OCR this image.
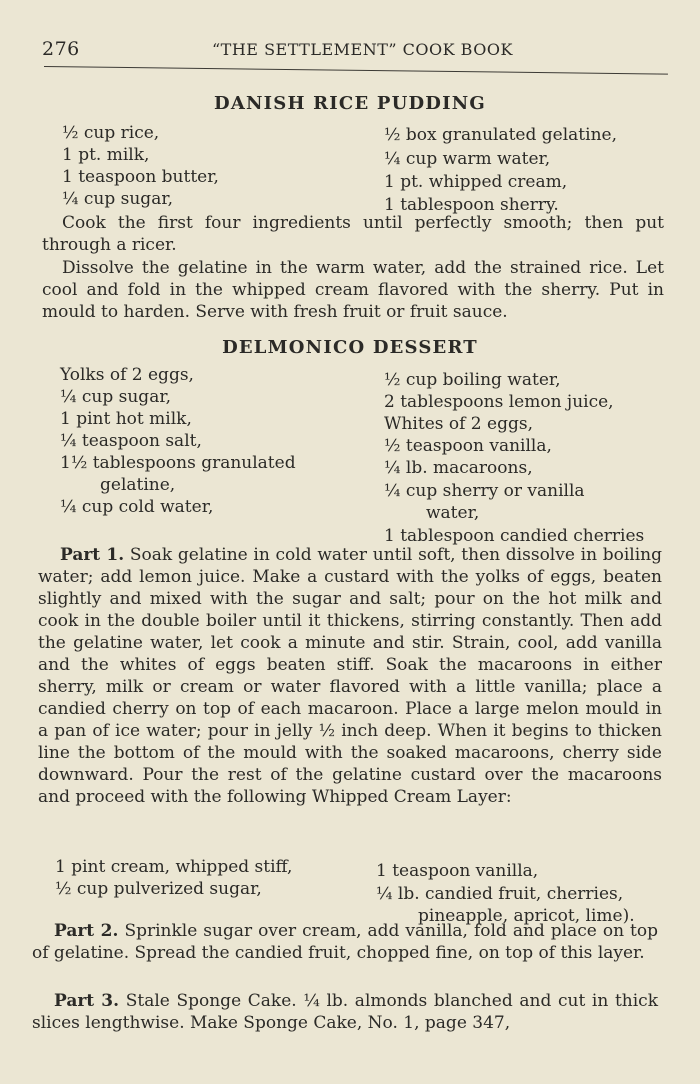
276	“THE SETTLEMENT” COOK BOOK
DANISH RICE PUDDING
½ cup rice,
1 pt. milk,
1 teaspoon butter,
¼ cup sugar,
½ box granulated gelatine,
¼ cup warm water,
1 pt. whipped cream,
1 tablespoon sherry.
Cook the first four ingredients until perfectly smooth; then put through a ricer.
Dissolve the gelatine in the warm water, add the strained rice. Let cool and fold in the whipped cream flavored with the sherry. Put in mould to harden. Serve with fresh fruit or fruit sauce.
DELMONICO DESSERT
Yolks of 2 eggs,
¼ cup sugar,
1 pint hot milk,
¼ teaspoon salt,
1½ tablespoons granulated
gelatine,
¼ cup cold water,
½ cup boiling water,
2 tablespoons lemon juice,
Whites of 2 eggs,
½ teaspoon vanilla,
¼ lb. macaroons,
¼ cup sherry or vanilla
water,
1 tablespoon candied cherries
Part 1. Soak gelatine in cold water until soft, then dissolve in boiling water; add lemon juice. Make a custard with the yolks of eggs, beaten slightly and mixed with the sugar and salt; pour on the hot milk and cook in the double boiler until it thickens, stirring constantly. Then add the gelatine water, let cook a minute and stir. Strain, cool, add vanilla and the whites of eggs beaten stiff. Soak the macaroons in either sherry, milk or cream or water flavored with a little vanilla; place a candied cherry on top of each macaroon. Place a large melon mould in a pan of ice water; pour in jelly ½ inch deep. When it begins to thicken line the bottom of the mould with the soaked macaroons, cherry side downward. Pour the rest of the gelatine custard over the macaroons and proceed with the following Whipped Cream Layer:
1 pint cream, whipped stiff,
½ cup pulverized sugar,
1 teaspoon vanilla,
¼ lb. candied fruit, cherries,
pineapple, apricot, lime).
Part 2. Sprinkle sugar over cream, add vanilla, fold and place on top of gelatine. Spread the candied fruit, chopped fine, on top of this layer.
Part 3. Stale Sponge Cake. ¼ lb. almonds blanched and cut in thick slices lengthwise. Make Sponge Cake, No. 1, page 347,
